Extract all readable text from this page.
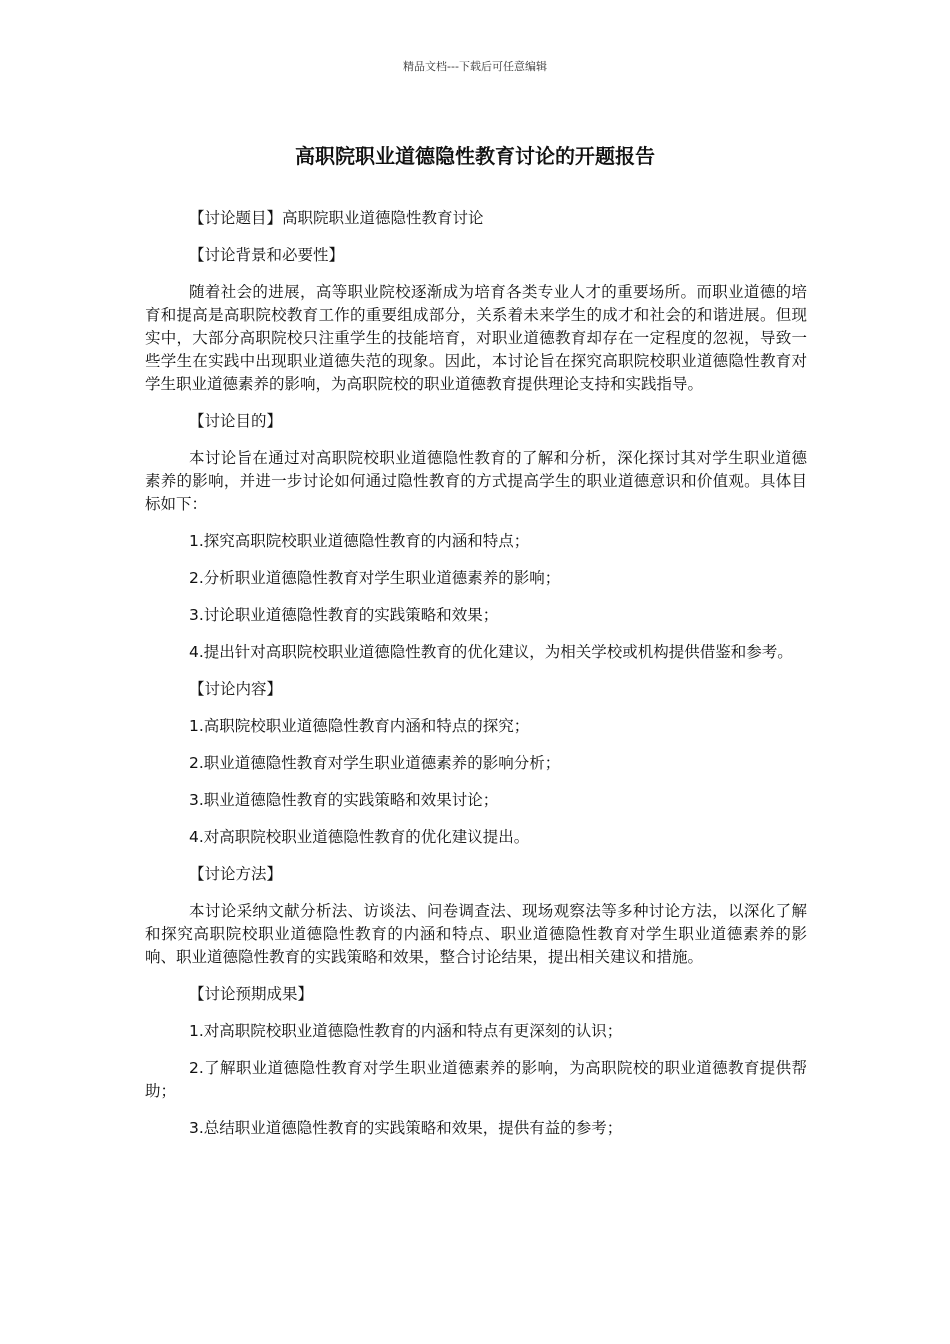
精品文档---下载后可任意编辑
高职院职业道德隐性教育讨论的开题报告

【讨论题目】高职院职业道德隐性教育讨论

【讨论背景和必要性】

随着社会的进展，高等职业院校逐渐成为培育各类专业人才的重要场所。而职业道德的培育和提高是高职院校教育工作的重要组成部分，关系着未来学生的成才和社会的和谐进展。但现实中，大部分高职院校只注重学生的技能培育，对职业道德教育却存在一定程度的忽视，导致一些学生在实践中出现职业道德失范的现象。因此，本讨论旨在探究高职院校职业道德隐性教育对学生职业道德素养的影响，为高职院校的职业道德教育提供理论支持和实践指导。

【讨论目的】

本讨论旨在通过对高职院校职业道德隐性教育的了解和分析，深化探讨其对学生职业道德素养的影响，并进一步讨论如何通过隐性教育的方式提高学生的职业道德意识和价值观。具体目标如下：

1.探究高职院校职业道德隐性教育的内涵和特点；

2.分析职业道德隐性教育对学生职业道德素养的影响；

3.讨论职业道德隐性教育的实践策略和效果；

4.提出针对高职院校职业道德隐性教育的优化建议，为相关学校或机构提供借鉴和参考。

【讨论内容】

1.高职院校职业道德隐性教育内涵和特点的探究；

2.职业道德隐性教育对学生职业道德素养的影响分析；

3.职业道德隐性教育的实践策略和效果讨论；

4.对高职院校职业道德隐性教育的优化建议提出。

【讨论方法】

本讨论采纳文献分析法、访谈法、问卷调查法、现场观察法等多种讨论方法，以深化了解和探究高职院校职业道德隐性教育的内涵和特点、职业道德隐性教育对学生职业道德素养的影响、职业道德隐性教育的实践策略和效果，整合讨论结果，提出相关建议和措施。

【讨论预期成果】

1.对高职院校职业道德隐性教育的内涵和特点有更深刻的认识；

2.了解职业道德隐性教育对学生职业道德素养的影响，为高职院校的职业道德教育提供帮助；

3.总结职业道德隐性教育的实践策略和效果，提供有益的参考；
